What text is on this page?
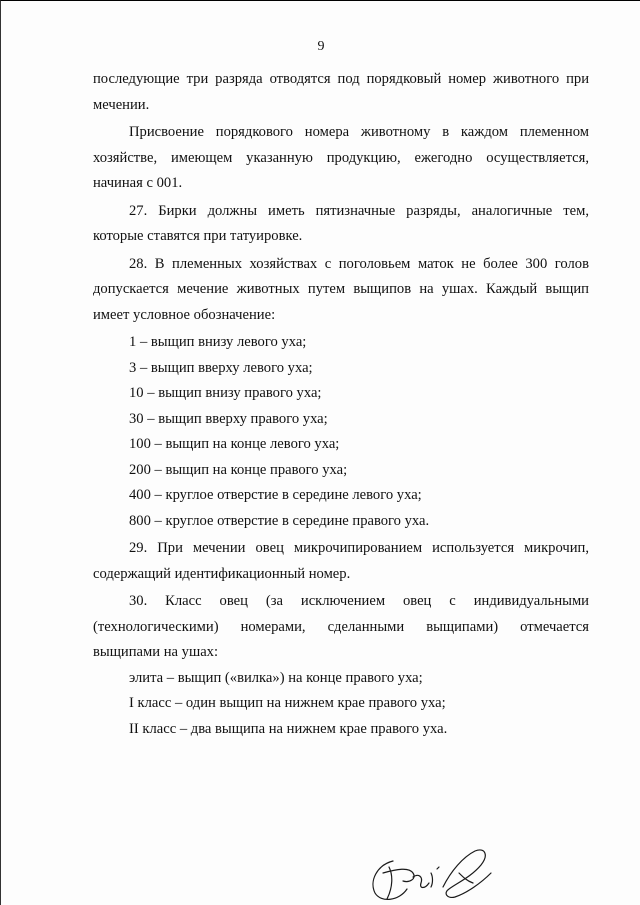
9

последующие три разряда отводятся под порядковый номер животного при мечении.

Присвоение порядкового номера животному в каждом племенном хозяйстве, имеющем указанную продукцию, ежегодно осуществляется, начиная с 001.

27. Бирки должны иметь пятизначные разряды, аналогичные тем, которые ставятся при татуировке.

28. В племенных хозяйствах с поголовьем маток не более 300 голов допускается мечение животных путем выщипов на ушах. Каждый выщип имеет условное обозначение:

1 – выщип внизу левого уха;

3 – выщип вверху левого уха;

10 – выщип внизу правого уха;

30 – выщип вверху правого уха;

100 – выщип на конце левого уха;

200 – выщип на конце правого уха;

400 – круглое отверстие в середине левого уха;

800 – круглое отверстие в середине правого уха.

29. При мечении овец микрочипированием используется микрочип, содержащий идентификационный номер.

30. Класс овец (за исключением овец с индивидуальными (технологическими) номерами, сделанными выщипами) отмечается

выщипами на ушах:

элита – выщип («вилка») на конце правого уха;

I класс – один выщип на нижнем крае правого уха;

II класс – два выщипа на нижнем крае правого уха.
